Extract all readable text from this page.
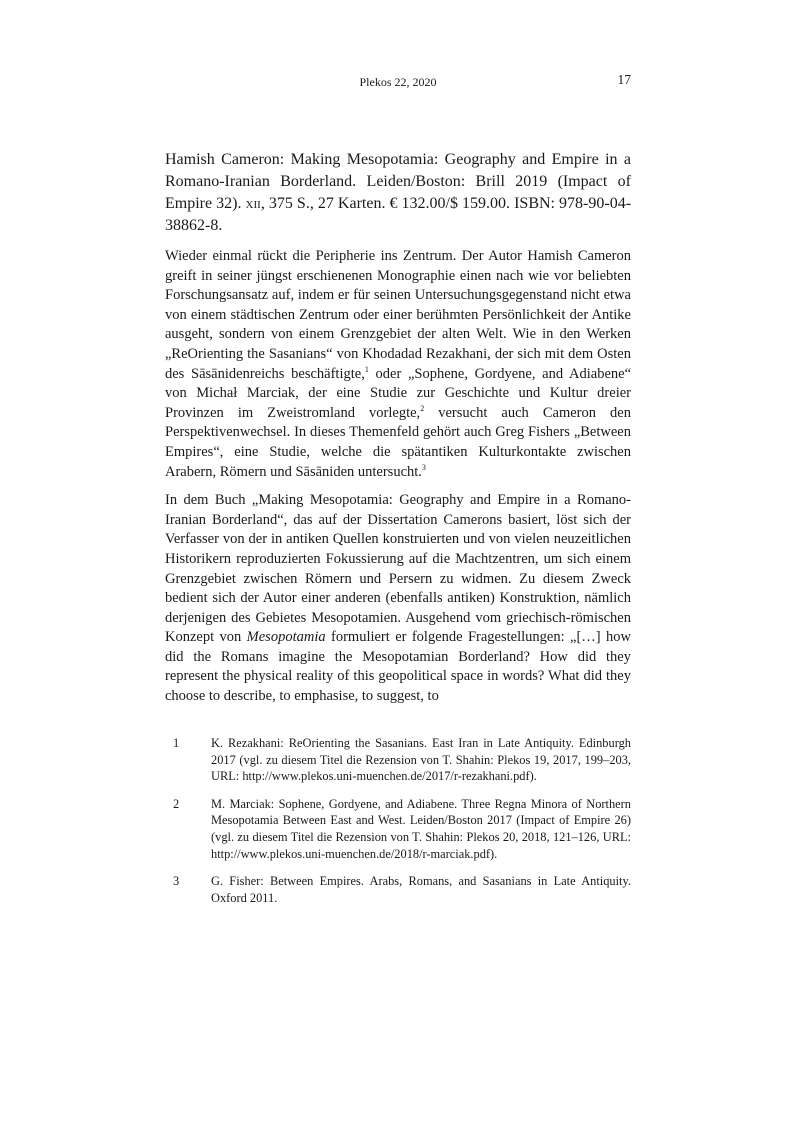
Plekos 22, 2020	17

Hamish Cameron: Making Mesopotamia: Geography and Empire in a Romano-Iranian Borderland. Leiden/Boston: Brill 2019 (Impact of Empire 32). xii, 375 S., 27 Karten. € 132.00/$ 159.00. ISBN: 978-90-04-38862-8.

Wieder einmal rückt die Peripherie ins Zentrum. Der Autor Hamish Cameron greift in seiner jüngst erschienenen Monographie einen nach wie vor beliebten Forschungsansatz auf, indem er für seinen Untersuchungsgegenstand nicht etwa von einem städtischen Zentrum oder einer berühmten Persönlichkeit der Antike ausgeht, sondern von einem Grenzgebiet der alten Welt. Wie in den Werken „ReOrienting the Sasanians“ von Khodadad Rezakhani, der sich mit dem Osten des Sāsānidenreichs beschäftigte,$^1$ oder „Sophene, Gordyene, and Adiabene“ von Michał Marciak, der eine Studie zur Geschichte und Kultur dreier Provinzen im Zweistromland vorlegte,$^2$ versucht auch Cameron den Perspektivenwechsel. In dieses Themenfeld gehört auch Greg Fishers „Between Empires“, eine Studie, welche die spätantiken Kulturkontakte zwischen Arabern, Römern und Sāsāniden untersucht.$^3$

In dem Buch „Making Mesopotamia: Geography and Empire in a Romano-Iranian Borderland“, das auf der Dissertation Camerons basiert, löst sich der Verfasser von der in antiken Quellen konstruierten und von vielen neuzeitlichen Historikern reproduzierten Fokussierung auf die Machtzentren, um sich einem Grenzgebiet zwischen Römern und Persern zu widmen. Zu diesem Zweck bedient sich der Autor einer anderen (ebenfalls antiken) Konstruktion, nämlich derjenigen des Gebietes Mesopotamien. Ausgehend vom griechisch-römischen Konzept von Mesopotamia formuliert er folgende Fragestellungen: „[…] how did the Romans imagine the Mesopotamian Borderland? How did they represent the physical reality of this geopolitical space in words? What did they choose to describe, to emphasise, to suggest, to

1	K. Rezakhani: ReOrienting the Sasanians. East Iran in Late Antiquity. Edinburgh 2017 (vgl. zu diesem Titel die Rezension von T. Shahin: Plekos 19, 2017, 199–203, URL: http://www.plekos.uni-muenchen.de/2017/r-rezakhani.pdf).
2	M. Marciak: Sophene, Gordyene, and Adiabene. Three Regna Minora of Northern Mesopotamia Between East and West. Leiden/Boston 2017 (Impact of Empire 26) (vgl. zu diesem Titel die Rezension von T. Shahin: Plekos 20, 2018, 121–126, URL: http://www.plekos.uni-muenchen.de/2018/r-marciak.pdf).
3	G. Fisher: Between Empires. Arabs, Romans, and Sasanians in Late Antiquity. Oxford 2011.
